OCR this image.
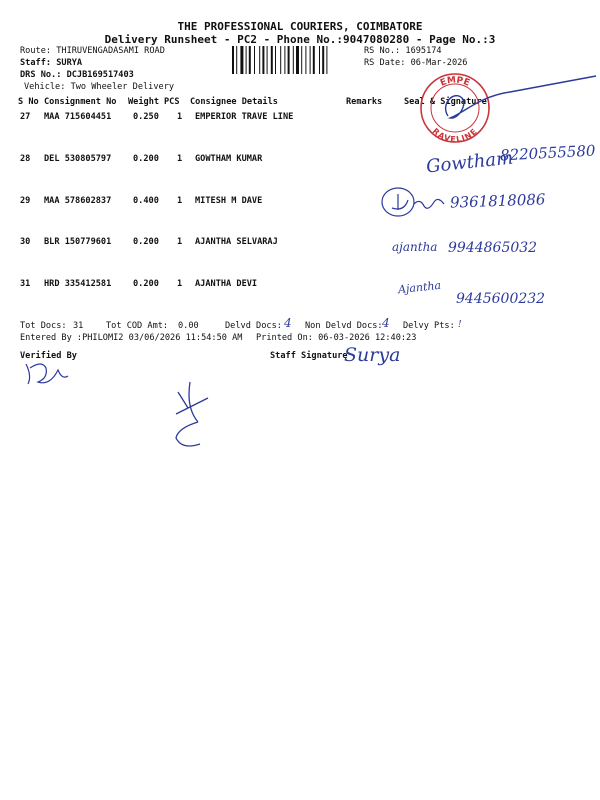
THE PROFESSIONAL COURIERS, COIMBATORE
Delivery Runsheet - PC2 - Phone No.:9047080280 - Page No.:3
Route: THIRUVENGADASAMI ROAD
Staff: SURYA
DRS No.: DCJB169517403
Vehicle: Two Wheeler Delivery
RS No.: 1695174
RS Date: 06-Mar-2026
S No Consignment No Weight PCS Consignee Details	Remarks	Seal & Signature
27 MAA 715604451	0.250 1 EMPERIOR TRAVE LINE
28 DEL 530805797	0.200 1 GOWTHAM KUMAR
29 MAA 578602837	0.400 1 MITESH M DAVE
30 BLR 150779601	0.200 1 AJANTHA SELVARAJ
31 HRD 335412581	0.200 1 AJANTHA DEVI
EMPE
RAVELINE
Gowtham
8220555580
9361818086
ajantha 9944865032
Ajantha
9445600232
Tot Docs: 31	Tot COD Amt: 0.00	Delvd Docs: 4 Non Delvd Docs: 4 Delvy Pts: !
Entered By :PHILOMI2 03/06/2026 11:54:50 AM Printed On: 06-03-2026 12:40:23
Verified By	Staff Signature
Surya
